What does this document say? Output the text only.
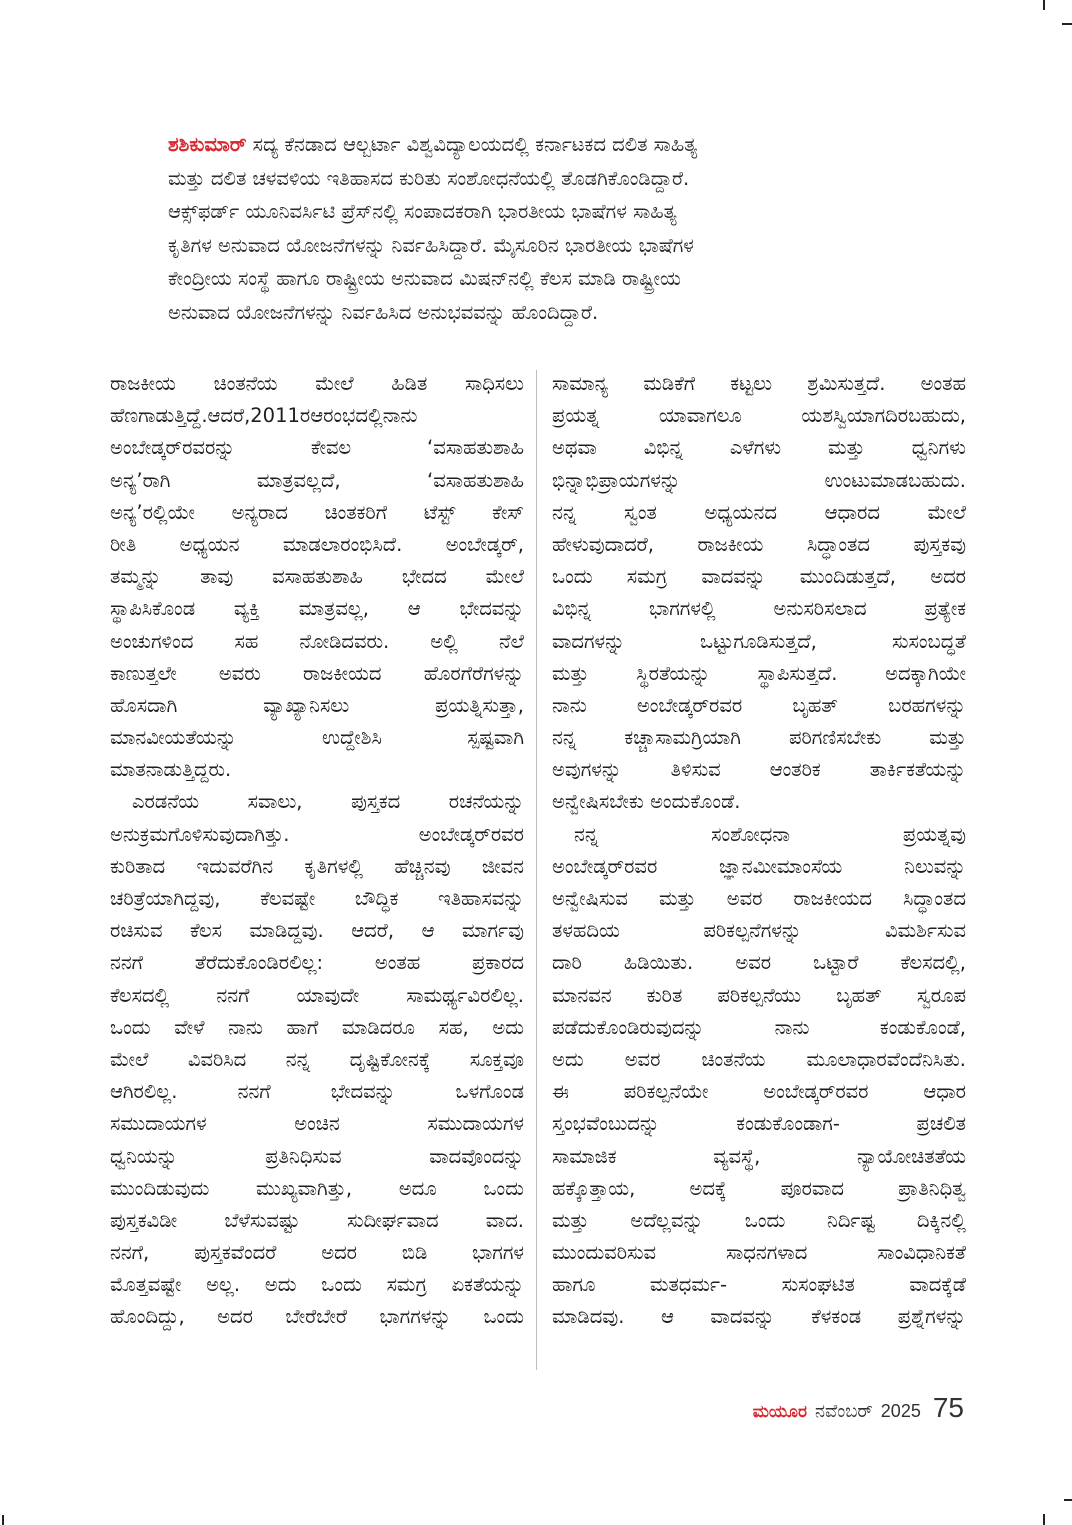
ಶಶಿಕುಮಾರ್ ಸದ್ಯ ಕೆನಡಾದ ಆಲ್ಬರ್ಟಾ ವಿಶ್ವವಿದ್ಯಾಲಯದಲ್ಲಿ ಕರ್ನಾಟಕದ ದಲಿತ ಸಾಹಿತ್ಯ
ಮತ್ತು ದಲಿತ ಚಳವಳಿಯ ಇತಿಹಾಸದ ಕುರಿತು ಸಂಶೋಧನೆಯಲ್ಲಿ ತೊಡಗಿಕೊಂಡಿದ್ದಾರೆ.
ಆಕ್ಸ್‌ಫರ್ಡ್ ಯೂನಿವರ್ಸಿಟಿ ಪ್ರೆಸ್‌ನಲ್ಲಿ ಸಂಪಾದಕರಾಗಿ ಭಾರತೀಯ ಭಾಷೆಗಳ ಸಾಹಿತ್ಯ
ಕೃತಿಗಳ ಅನುವಾದ ಯೋಜನೆಗಳನ್ನು ನಿರ್ವಹಿಸಿದ್ದಾರೆ. ಮೈಸೂರಿನ ಭಾರತೀಯ ಭಾಷೆಗಳ
ಕೇಂದ್ರೀಯ ಸಂಸ್ಥೆ ಹಾಗೂ ರಾಷ್ಟ್ರೀಯ ಅನುವಾದ ಮಿಷನ್‌ನಲ್ಲಿ ಕೆಲಸ ಮಾಡಿ ರಾಷ್ಟ್ರೀಯ
ಅನುವಾದ ಯೋಜನೆಗಳನ್ನು ನಿರ್ವಹಿಸಿದ ಅನುಭವವನ್ನು ಹೊಂದಿದ್ದಾರೆ.
ರಾಜಕೀಯ ಚಿಂತನೆಯ ಮೇಲೆ ಹಿಡಿತ ಸಾಧಿಸಲು
ಹೆಣಗಾಡುತ್ತಿದ್ದೆ.ಆದರೆ,2011ರಆರಂಭದಲ್ಲಿನಾನು
ಅಂಬೇಡ್ಕರ್‌ರವರನ್ನು ಕೇವಲ ‘ವಸಾಹತುಶಾಹಿ
ಅನ್ಯ’ರಾಗಿ ಮಾತ್ರವಲ್ಲದೆ, ‘ವಸಾಹತುಶಾಹಿ
ಅನ್ಯ’ರಲ್ಲಿಯೇ ಅನ್ಯರಾದ ಚಿಂತಕರಿಗೆ ಟೆಸ್ಟ್ ಕೇಸ್
ರೀತಿ ಅಧ್ಯಯನ ಮಾಡಲಾರಂಭಿಸಿದೆ. ಅಂಬೇಡ್ಕರ್,
ತಮ್ಮನ್ನು ತಾವು ವಸಾಹತುಶಾಹಿ ಭೇದದ ಮೇಲೆ
ಸ್ಥಾಪಿಸಿಕೊಂಡ ವ್ಯಕ್ತಿ ಮಾತ್ರವಲ್ಲ, ಆ ಭೇದವನ್ನು
ಅಂಚುಗಳಿಂದ ಸಹ ನೋಡಿದವರು. ಅಲ್ಲಿ ನೆಲೆ
ಕಾಣುತ್ತಲೇ ಅವರು ರಾಜಕೀಯದ ಹೊರಗೆರೆಗಳನ್ನು
ಹೊಸದಾಗಿ ವ್ಯಾಖ್ಯಾನಿಸಲು ಪ್ರಯತ್ನಿಸುತ್ತಾ,
ಮಾನವೀಯತೆಯನ್ನು ಉದ್ದೇಶಿಸಿ ಸ್ಪಷ್ಟವಾಗಿ
ಮಾತನಾಡುತ್ತಿದ್ದರು.
ಎರಡನೆಯ ಸವಾಲು, ಪುಸ್ತಕದ ರಚನೆಯನ್ನು
ಅನುಕ್ರಮಗೊಳಿಸುವುದಾಗಿತ್ತು. ಅಂಬೇಡ್ಕರ್‌ರವರ
ಕುರಿತಾದ ಇದುವರೆಗಿನ ಕೃತಿಗಳಲ್ಲಿ ಹೆಚ್ಚಿನವು ಜೀವನ
ಚರಿತ್ರೆಯಾಗಿದ್ದವು, ಕೆಲವಷ್ಟೇ ಬೌದ್ಧಿಕ ಇತಿಹಾಸವನ್ನು
ರಚಿಸುವ ಕೆಲಸ ಮಾಡಿದ್ದವು. ಆದರೆ, ಆ ಮಾರ್ಗವು
ನನಗೆ ತೆರೆದುಕೊಂಡಿರಲಿಲ್ಲ: ಅಂತಹ ಪ್ರಕಾರದ
ಕೆಲಸದಲ್ಲಿ ನನಗೆ ಯಾವುದೇ ಸಾಮರ್ಥ್ಯವಿರಲಿಲ್ಲ.
ಒಂದು ವೇಳೆ ನಾನು ಹಾಗೆ ಮಾಡಿದರೂ ಸಹ, ಅದು
ಮೇಲೆ ವಿವರಿಸಿದ ನನ್ನ ದೃಷ್ಟಿಕೋನಕ್ಕೆ ಸೂಕ್ತವೂ
ಆಗಿರಲಿಲ್ಲ. ನನಗೆ ಭೇದವನ್ನು ಒಳಗೊಂಡ
ಸಮುದಾಯಗಳ ಅಂಚಿನ ಸಮುದಾಯಗಳ
ಧ್ವನಿಯನ್ನು ಪ್ರತಿನಿಧಿಸುವ ವಾದವೊಂದನ್ನು
ಮುಂದಿಡುವುದು ಮುಖ್ಯವಾಗಿತ್ತು, ಅದೂ ಒಂದು
ಪುಸ್ತಕವಿಡೀ ಬೆಳೆಸುವಷ್ಟು ಸುದೀರ್ಘವಾದ ವಾದ.
ನನಗೆ, ಪುಸ್ತಕವೆಂದರೆ ಅದರ ಬಿಡಿ ಭಾಗಗಳ
ಮೊತ್ತವಷ್ಟೇ ಅಲ್ಲ. ಅದು ಒಂದು ಸಮಗ್ರ ಏಕತೆಯನ್ನು
ಹೊಂದಿದ್ದು, ಅದರ ಬೇರೆಬೇರೆ ಭಾಗಗಳನ್ನು ಒಂದು
ಸಾಮಾನ್ಯ ಮಡಿಕೆಗೆ ಕಟ್ಟಲು ಶ್ರಮಿಸುತ್ತದೆ. ಅಂತಹ
ಪ್ರಯತ್ನ ಯಾವಾಗಲೂ ಯಶಸ್ವಿಯಾಗದಿರಬಹುದು,
ಅಥವಾ ವಿಭಿನ್ನ ಎಳೆಗಳು ಮತ್ತು ಧ್ವನಿಗಳು
ಭಿನ್ನಾಭಿಪ್ರಾಯಗಳನ್ನು ಉಂಟುಮಾಡಬಹುದು.
ನನ್ನ ಸ್ವಂತ ಅಧ್ಯಯನದ ಆಧಾರದ ಮೇಲೆ
ಹೇಳುವುದಾದರೆ, ರಾಜಕೀಯ ಸಿದ್ಧಾಂತದ ಪುಸ್ತಕವು
ಒಂದು ಸಮಗ್ರ ವಾದವನ್ನು ಮುಂದಿಡುತ್ತದೆ, ಅದರ
ವಿಭಿನ್ನ ಭಾಗಗಳಲ್ಲಿ ಅನುಸರಿಸಲಾದ ಪ್ರತ್ಯೇಕ
ವಾದಗಳನ್ನು ಒಟ್ಟುಗೂಡಿಸುತ್ತದೆ, ಸುಸಂಬದ್ಧತೆ
ಮತ್ತು ಸ್ಥಿರತೆಯನ್ನು ಸ್ಥಾಪಿಸುತ್ತದೆ. ಅದಕ್ಕಾಗಿಯೇ
ನಾನು ಅಂಬೇಡ್ಕರ್‌ರವರ ಬೃಹತ್ ಬರಹಗಳನ್ನು
ನನ್ನ ಕಚ್ಚಾಸಾಮಗ್ರಿಯಾಗಿ ಪರಿಗಣಿಸಬೇಕು ಮತ್ತು
ಅವುಗಳನ್ನು ತಿಳಿಸುವ ಆಂತರಿಕ ತಾರ್ಕಿಕತೆಯನ್ನು
ಅನ್ವೇಷಿಸಬೇಕು ಅಂದುಕೊಂಡೆ.
ನನ್ನ ಸಂಶೋಧನಾ ಪ್ರಯತ್ನವು
ಅಂಬೇಡ್ಕರ್‌ರವರ ಜ್ಞಾನಮೀಮಾಂಸೆಯ ನಿಲುವನ್ನು
ಅನ್ವೇಷಿಸುವ ಮತ್ತು ಅವರ ರಾಜಕೀಯದ ಸಿದ್ಧಾಂತದ
ತಳಹದಿಯ ಪರಿಕಲ್ಪನೆಗಳನ್ನು ವಿಮರ್ಶಿಸುವ
ದಾರಿ ಹಿಡಿಯಿತು. ಅವರ ಒಟ್ಟಾರೆ ಕೆಲಸದಲ್ಲಿ,
ಮಾನವನ ಕುರಿತ ಪರಿಕಲ್ಪನೆಯು ಬೃಹತ್ ಸ್ವರೂಪ
ಪಡೆದುಕೊಂಡಿರುವುದನ್ನು ನಾನು ಕಂಡುಕೊಂಡೆ,
ಅದು ಅವರ ಚಿಂತನೆಯ ಮೂಲಾಧಾರವೆಂದೆನಿಸಿತು.
ಈ ಪರಿಕಲ್ಪನೆಯೇ ಅಂಬೇಡ್ಕರ್‌ರವರ ಆಧಾರ
ಸ್ತಂಭವೆಂಬುದನ್ನು ಕಂಡುಕೊಂಡಾಗ- ಪ್ರಚಲಿತ
ಸಾಮಾಜಿಕ ವ್ಯವಸ್ಥೆ, ನ್ಯಾಯೋಚಿತತೆಯ
ಹಕ್ಕೊತ್ತಾಯ, ಅದಕ್ಕೆ ಪೂರವಾದ ಪ್ರಾತಿನಿಧಿತ್ವ
ಮತ್ತು ಅದೆಲ್ಲವನ್ನು ಒಂದು ನಿರ್ದಿಷ್ಟ ದಿಕ್ಕಿನಲ್ಲಿ
ಮುಂದುವರಿಸುವ ಸಾಧನಗಳಾದ ಸಾಂವಿಧಾನಿಕತೆ
ಹಾಗೂ ಮತಧರ್ಮ- ಸುಸಂಘಟಿತ ವಾದಕ್ಕೆಡೆ
ಮಾಡಿದವು. ಆ ವಾದವನ್ನು ಕೆಳಕಂಡ ಪ್ರಶ್ನೆಗಳನ್ನು
ಮಯೂರ ನವೆಂಬರ್ 2025 75
